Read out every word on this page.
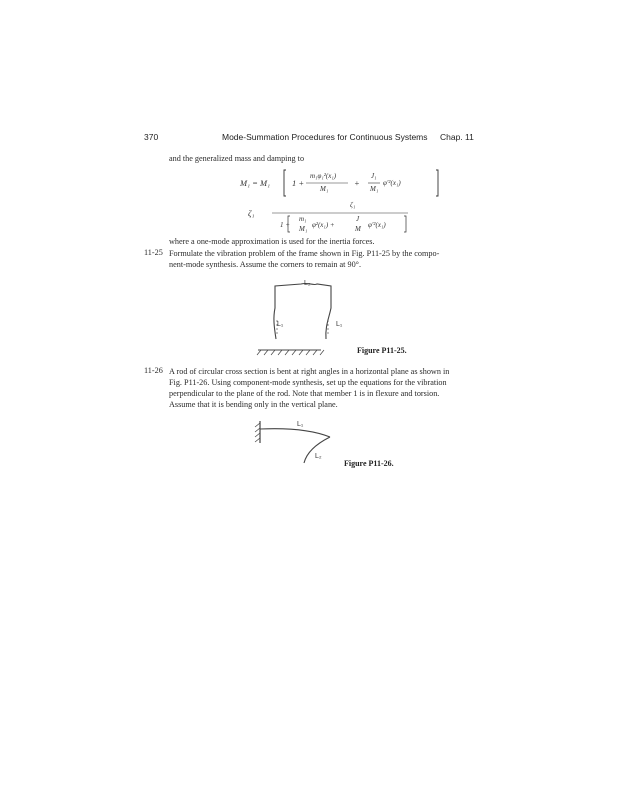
370	Mode-Summation Procedures for Continuous Systems Chap. 11
and the generalized mass and damping to
M₁ = M₁	1 +
m₁φ₁²(x₁)
M₁
+
J₁
M₁
φ′²(x₁)
ζ₁
ζ₁
1 +
m₁
M₁ φ²(x₁) +
J
M φ′²(x₁)
where a one-mode approximation is used for the inertia forces.
11-25 Formulate the vibration problem of the frame shown in Fig. P11-25 by the compo-
nent-mode synthesis. Assume the corners to remain at 90°.
L₂
L₁	L₁
Figure P11-25.
11-26 A rod of circular cross section is bent at right angles in a horizontal plane as shown in
Fig. P11-26. Using component-mode synthesis, set up the equations for the vibration
perpendicular to the plane of the rod. Note that member 1 is in flexure and torsion.
Assume that it is bending only in the vertical plane.
L₁
L₂
Figure P11-26.
